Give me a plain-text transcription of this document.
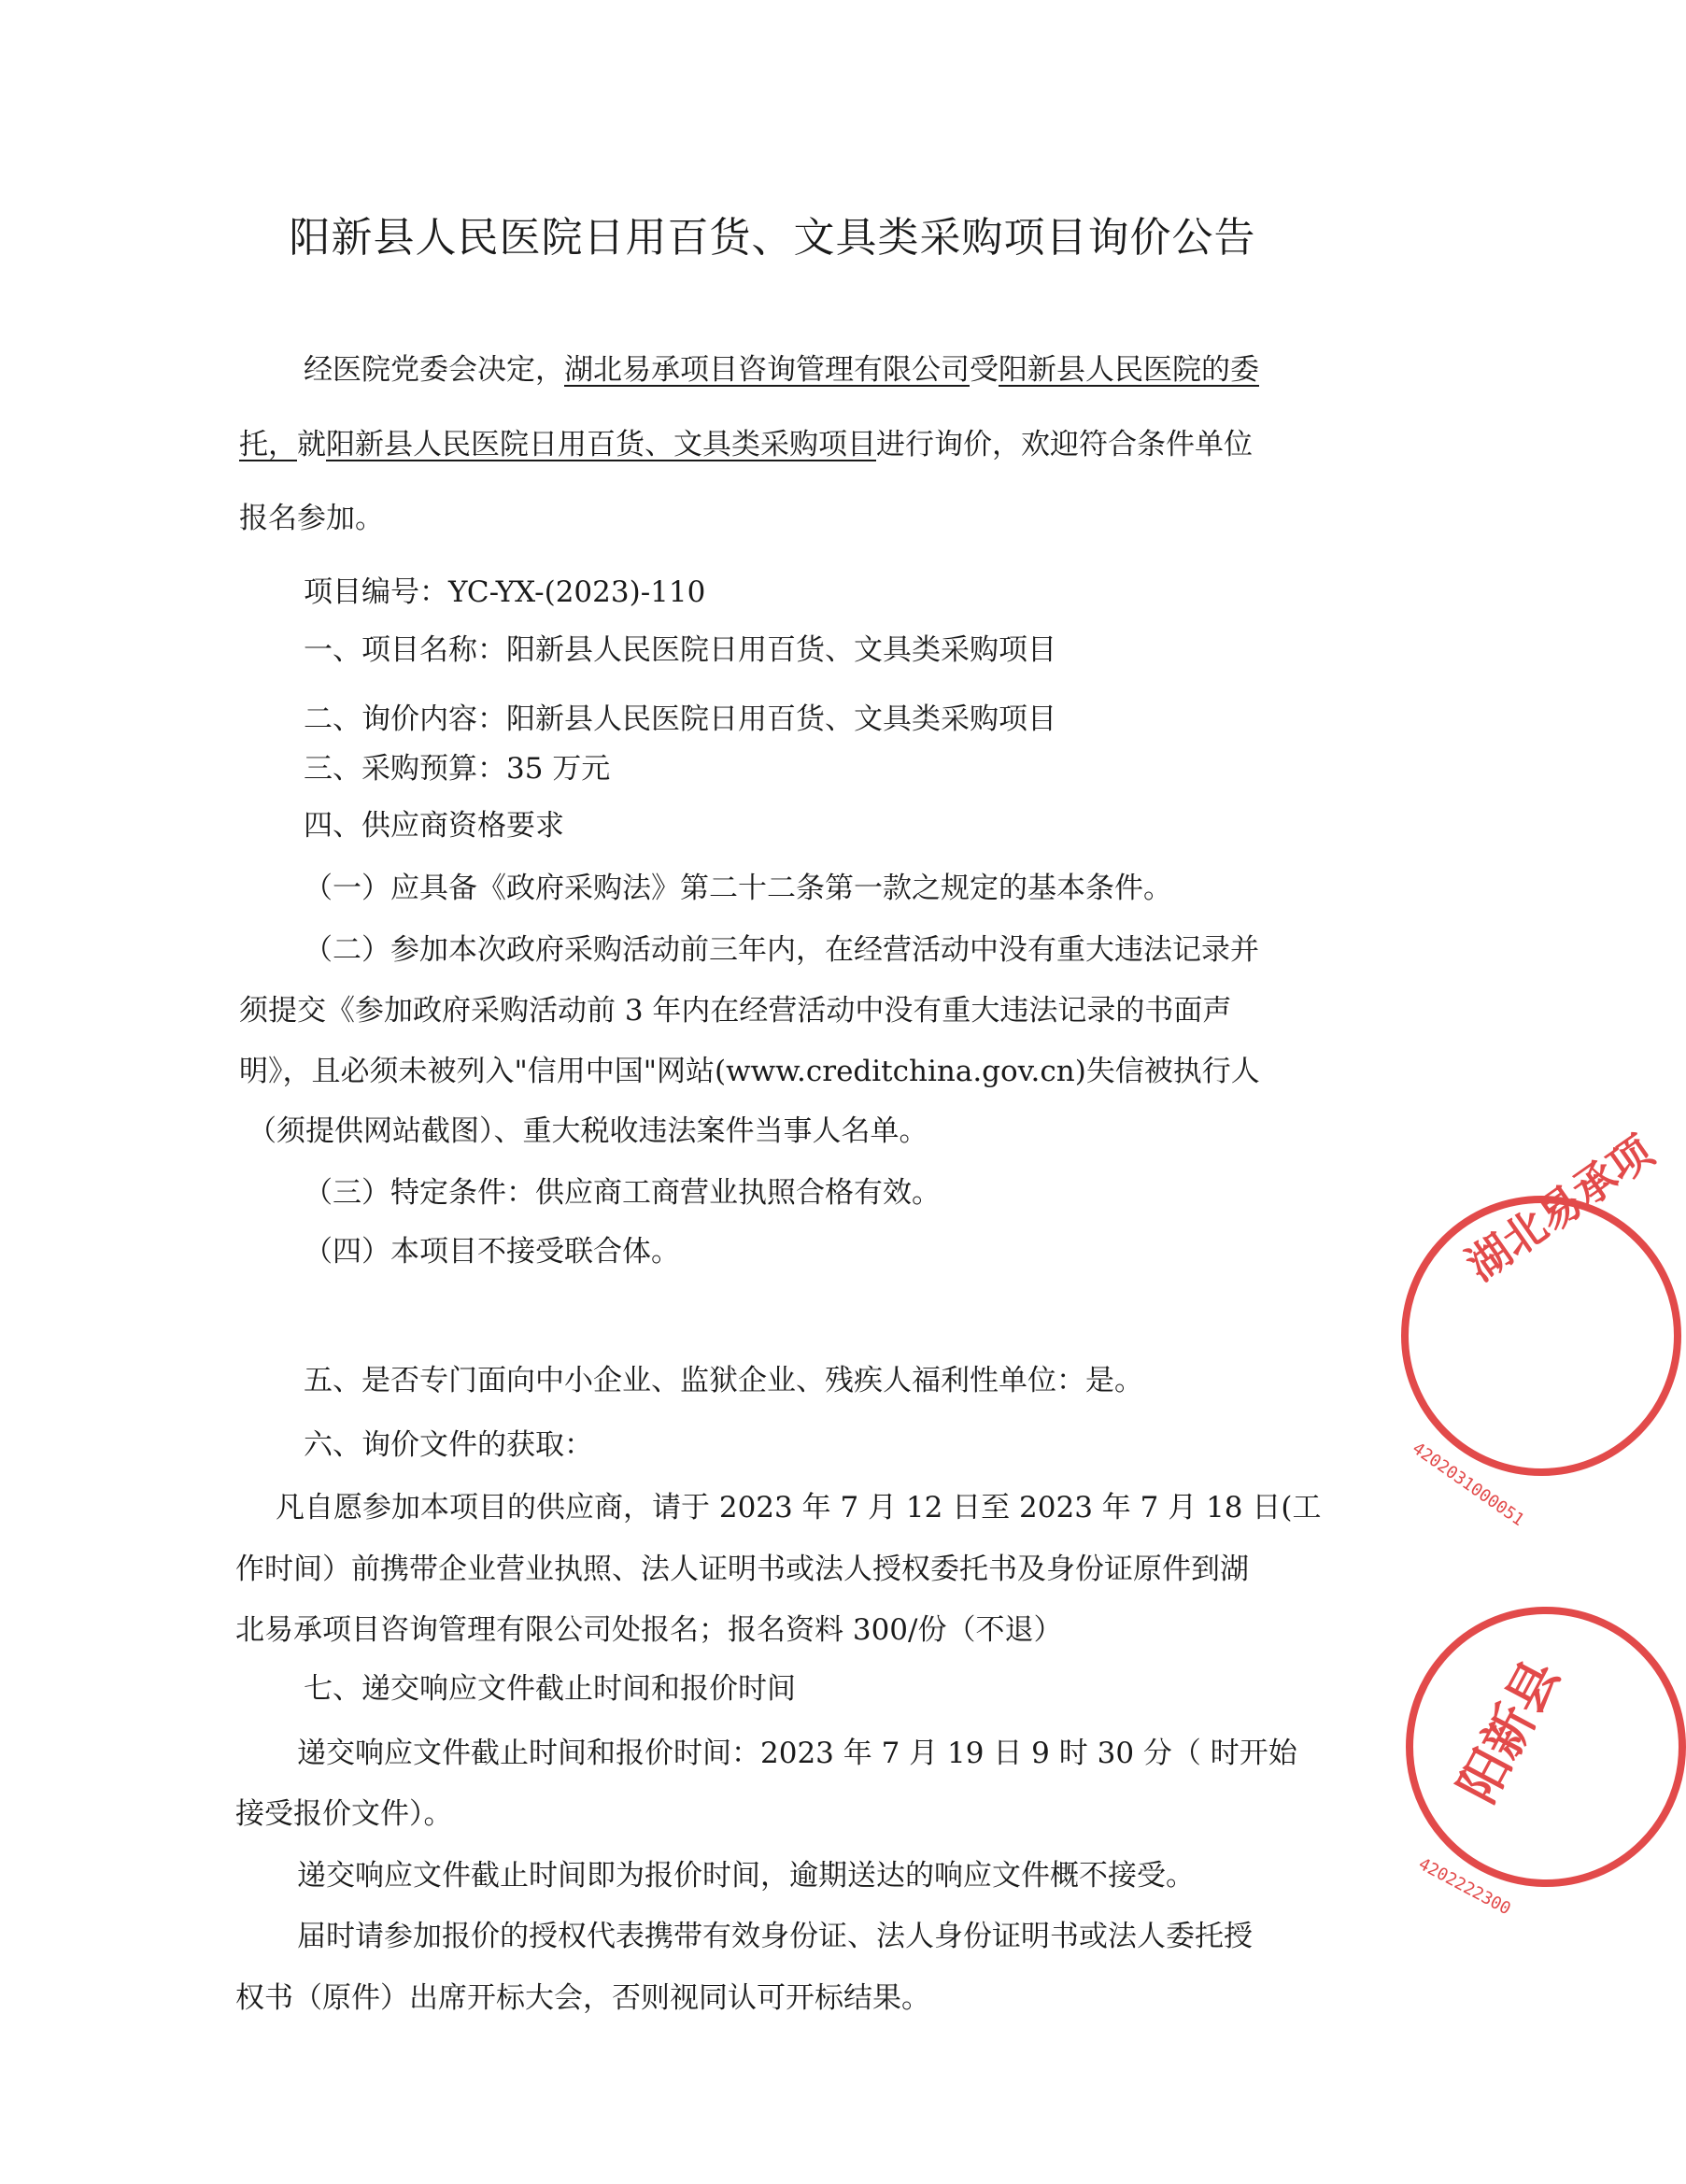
阳新县人民医院日用百货、文具类采购项目询价公告
经医院党委会决定，湖北易承项目咨询管理有限公司受阳新县人民医院的委
托，就阳新县人民医院日用百货、文具类采购项目进行询价，欢迎符合条件单位
报名参加。
项目编号：YC-YX-(2023)-110
一、项目名称：阳新县人民医院日用百货、文具类采购项目
二、询价内容：阳新县人民医院日用百货、文具类采购项目
三、采购预算：35 万元
四、供应商资格要求
（一）应具备《政府采购法》第二十二条第一款之规定的基本条件。
（二）参加本次政府采购活动前三年内，在经营活动中没有重大违法记录并
须提交《参加政府采购活动前 3 年内在经营活动中没有重大违法记录的书面声
明》，且必须未被列入"信用中国"网站(www.creditchina.gov.cn)失信被执行人
（须提供网站截图）、重大税收违法案件当事人名单。
（三）特定条件：供应商工商营业执照合格有效。
（四）本项目不接受联合体。
五、是否专门面向中小企业、监狱企业、残疾人福利性单位：是。
六、询价文件的获取：
凡自愿参加本项目的供应商，请于 2023 年 7 月 12 日至 2023 年 7 月 18 日(工
作时间）前携带企业营业执照、法人证明书或法人授权委托书及身份证原件到湖
北易承项目咨询管理有限公司处报名；报名资料 300/份（不退）
七、递交响应文件截止时间和报价时间
递交响应文件截止时间和报价时间：2023 年 7 月 19 日 9 时 30 分（ 时开始
接受报价文件）。
递交响应文件截止时间即为报价时间，逾期送达的响应文件概不接受。
届时请参加报价的授权代表携带有效身份证、法人身份证明书或法人委托授
权书（原件）出席开标大会，否则视同认可开标结果。
湖北易承项
4202031000051
阳新县
4202222300
